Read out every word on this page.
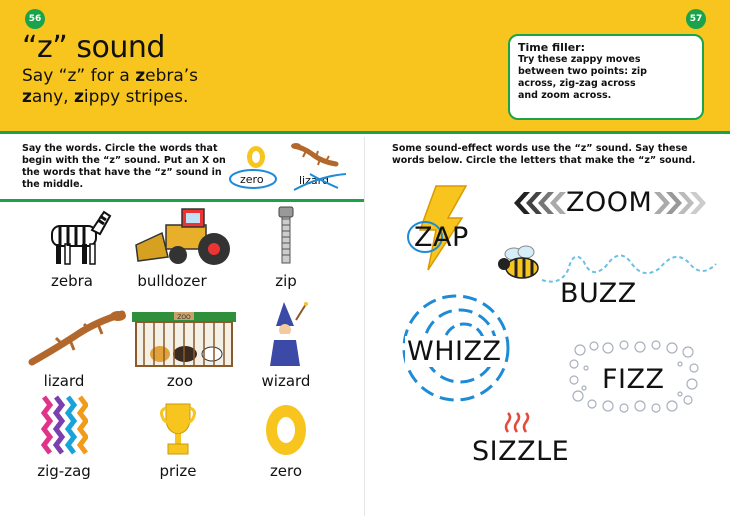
56	57
“z” sound
Say “z” for a zebra’s
zany, zippy stripes.
Time filler:
Try these zappy moves between two points: zip across, zig-zag across and zoom across.
Say the words. Circle the words that begin with the “z” sound. Put an X on the words that have the “z” sound in the middle.	zero	lizard
zebra	bulldozer	zip
lizard
ZOO
zoo	wizard
zig-zag	prize	zero
Some sound-effect words use the “z” sound. Say these words below. Circle the letters that make the “z” sound.
ZOOM
ZAP
BUZZ
WHIZZ
FIZZ
SIZZLE
